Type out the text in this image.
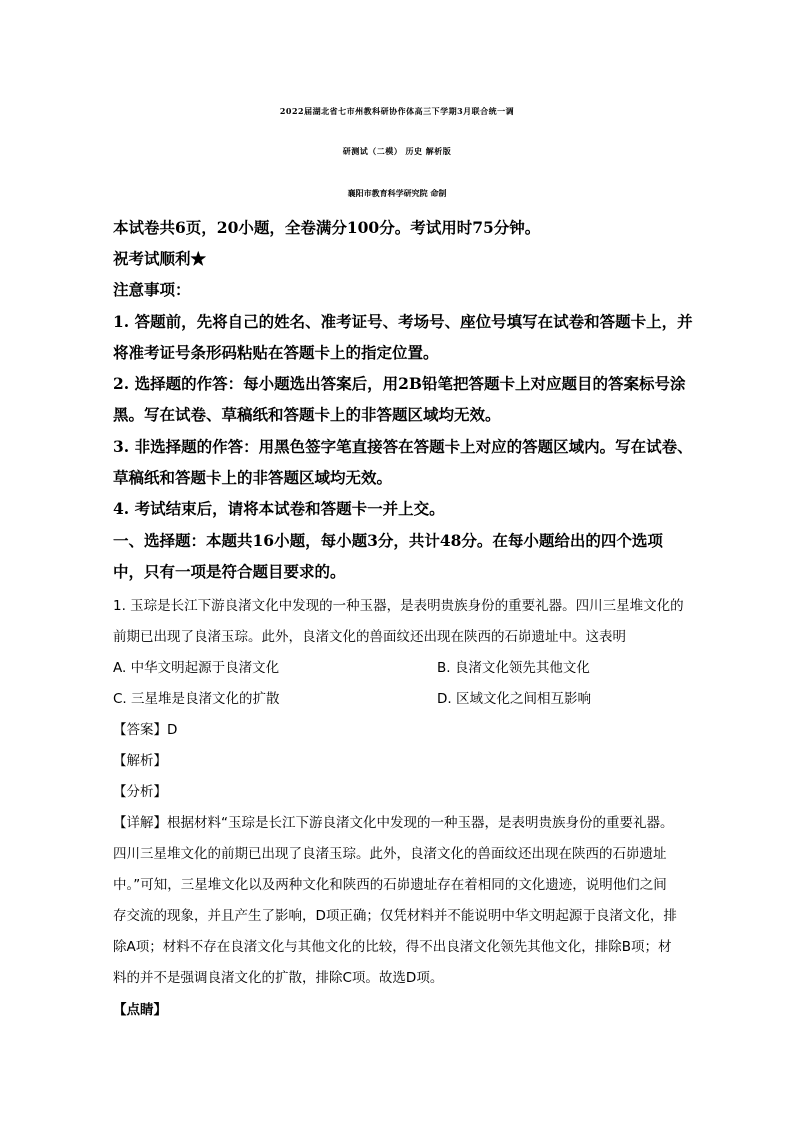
2022届湖北省七市州教科研协作体高三下学期3月联合统一调
研测试（二模） 历史 解析版
襄阳市教育科学研究院 命制
本试卷共6页，20小题，全卷满分100分。考试用时75分钟。
祝考试顺利★
注意事项：
1. 答题前，先将自己的姓名、准考证号、考场号、座位号填写在试卷和答题卡上，并
将准考证号条形码粘贴在答题卡上的指定位置。
2. 选择题的作答：每小题选出答案后，用2B铅笔把答题卡上对应题目的答案标号涂
黑。写在试卷、草稿纸和答题卡上的非答题区域均无效。
3. 非选择题的作答：用黑色签字笔直接答在答题卡上对应的答题区域内。写在试卷、
草稿纸和答题卡上的非答题区域均无效。
4. 考试结束后，请将本试卷和答题卡一并上交。
一、选择题：本题共16小题，每小题3分，共计48分。在每小题给出的四个选项
中，只有一项是符合题目要求的。
1. 玉琮是长江下游良渚文化中发现的一种玉器，是表明贵族身份的重要礼器。四川三星堆文化的
前期已出现了良渚玉琮。此外，良渚文化的兽面纹还出现在陕西的石峁遗址中。这表明
A. 中华文明起源于良渚文化	B. 良渚文化领先其他文化
C. 三星堆是良渚文化的扩散	D. 区域文化之间相互影响
【答案】D
【解析】
【分析】
【详解】根据材料“玉琮是长江下游良渚文化中发现的一种玉器，是表明贵族身份的重要礼器。
四川三星堆文化的前期已出现了良渚玉琮。此外，良渚文化的兽面纹还出现在陕西的石峁遗址
中。”可知，三星堆文化以及两种文化和陕西的石峁遗址存在着相同的文化遗迹，说明他们之间
存交流的现象，并且产生了影响，D项正确；仅凭材料并不能说明中华文明起源于良渚文化，排
除A项；材料不存在良渚文化与其他文化的比较，得不出良渚文化领先其他文化，排除B项；材
料的并不是强调良渚文化的扩散，排除C项。故选D项。
【点睛】
